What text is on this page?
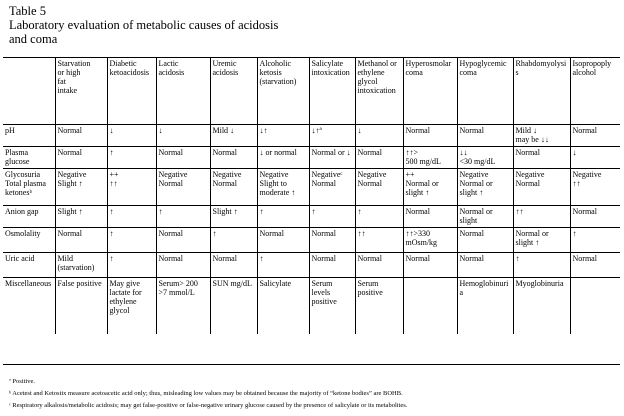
Table 5
Laboratory evaluation of metabolic causes of acidosis
and coma
	Starvation
or high
fat
intake	Diabetic
ketoacidosis	Lactic
acidosis	Uremic
acidosis	Alcoholic
ketosis
(starvation)	Salicylate
intoxication	Methanol or
ethylene
glycol
intoxication	Hyperosmolar
coma	Hypoglycemic
coma	Rhabdomyolysis	Isopropoply
alcohol
pH	Normal	↓	↓	Mild ↓	↓↑	↓↑ª	↓	Normal	Normal	Mild ↓
may be ↓↓	Normal
Plasma glucose	Normal	↑	Normal	Normal	↓ or normal	Normal or ↓	Normal	↑↑>
500 mg/dL	↓↓
<30 mg/dL	Normal	↓
Glycosuria
Total plasma
ketonesᵇ	Negative
Slight ↑	++
↑↑	Negative
Normal	Negative
Normal	Negative
Slight to
moderate ↑	Negativeᶜ
Normal	Negative
Normal	++
Normal or
slight ↑	Negative
Normal or
slight ↑	Negative
Normal	Negative
↑↑
Anion gap	Slight ↑	↑	↑	Slight ↑	↑	↑	↑	Normal	Normal or
slight	↑↑	Normal
Osmolality	Normal	↑	Normal	↑	Normal	Normal	↑↑	↑↑>330
mOsm/kg	Normal	Normal or
slight ↑	↑
Uric acid	Mild
(starvation)	↑	Normal	Normal	↑	Normal	Normal	Normal	Normal	↑	Normal
Miscellaneous	False positive	May give
lactate for
ethylene
glycol	Serum> 200
>7 mmol/L	SUN mg/dL	Salicylate	Serum
levels
positive	Serum
positive		Hemoglobinuria	Myoglobinuria	
ª Positive.
ᵇ Acetest and Ketostix measure acetoacetic acid only; thus, misleading low values may be obtained because the majority of “ketone bodies” are BOHB.
ᶜ Respiratory alkalosis/metabolic acidosis; may get false-positive or false-negative urinary glucose caused by the presence of salicylate or its metabolites.
